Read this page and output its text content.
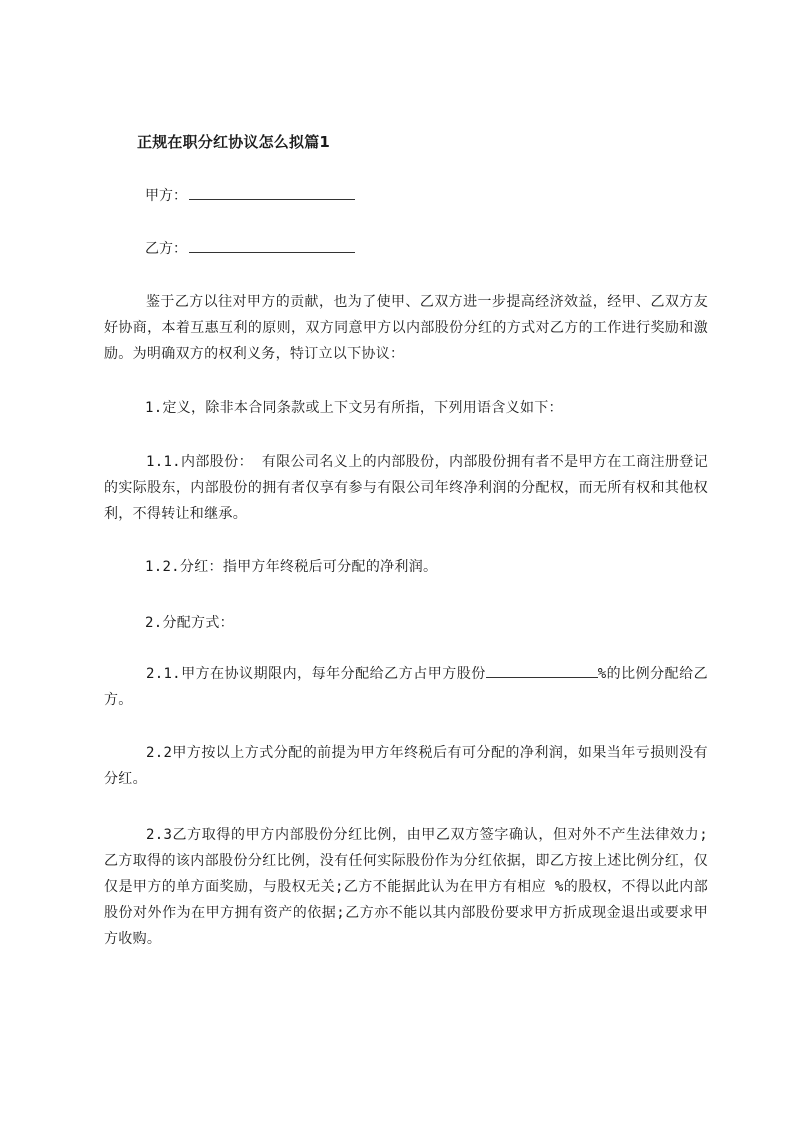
正规在职分红协议怎么拟篇1
甲方：
乙方：
鉴于乙方以往对甲方的贡献，也为了使甲、乙双方进一步提高经济效益，经甲、乙双方友好协商，本着互惠互利的原则，双方同意甲方以内部股份分红的方式对乙方的工作进行奖励和激励。为明确双方的权利义务，特订立以下协议：
1.定义，除非本合同条款或上下文另有所指，下列用语含义如下：
1.1.内部股份： 有限公司名义上的内部股份，内部股份拥有者不是甲方在工商注册登记的实际股东，内部股份的拥有者仅享有参与有限公司年终净利润的分配权，而无所有权和其他权利，不得转让和继承。
1.2.分红：指甲方年终税后可分配的净利润。
2.分配方式：
2.1.甲方在协议期限内，每年分配给乙方占甲方股份	%的比例分配给乙方。
2.2甲方按以上方式分配的前提为甲方年终税后有可分配的净利润，如果当年亏损则没有分红。
2.3乙方取得的甲方内部股份分红比例，由甲乙双方签字确认，但对外不产生法律效力;乙方取得的该内部股份分红比例，没有任何实际股份作为分红依据，即乙方按上述比例分红，仅仅是甲方的单方面奖励，与股权无关;乙方不能据此认为在甲方有相应 %的股权，不得以此内部股份对外作为在甲方拥有资产的依据;乙方亦不能以其内部股份要求甲方折成现金退出或要求甲方收购。
